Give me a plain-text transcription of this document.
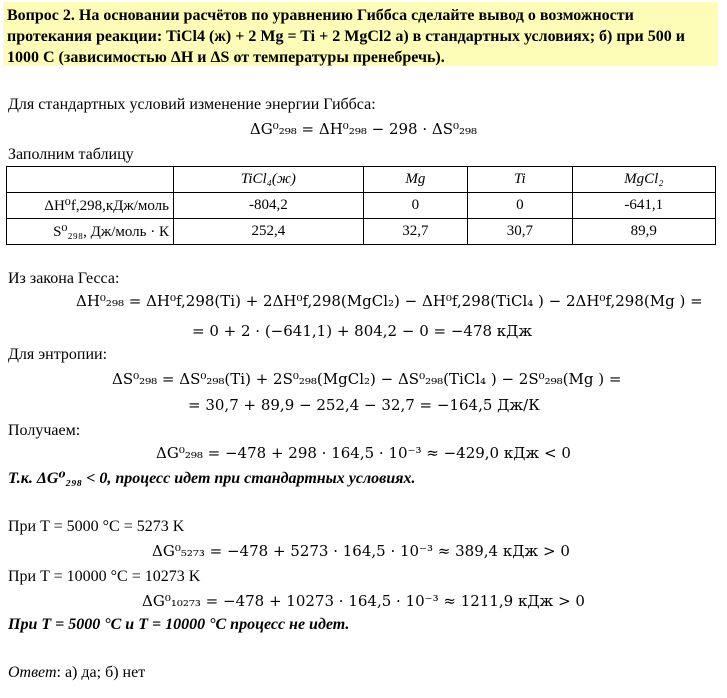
Вопрос 2. На основании расчётов по уравнению Гиббса сделайте вывод о возможности
протекания реакции: TiCl4 (ж) + 2 Mg = Ti + 2 MgCl2 а) в стандартных условиях; б) при 500 и
1000 С (зависимостью ΔH и ΔS от температуры пренебречь).
Для стандартных условий изменение энергии Гиббса:
ΔG⁰₂₉₈ = ΔH⁰₂₉₈ − 298 · ΔS⁰₂₉₈
Заполним таблицу
	TiCl₄(ж)	Mg	Ti	MgCl₂
ΔH⁰f,298,кДж/моль	-804,2	0	0	-641,1
S⁰₂₉₈, Дж/моль · К	252,4	32,7	30,7	89,9
Из закона Гесса:
ΔH⁰₂₉₈ = ΔH⁰f,298(Ti) + 2ΔH⁰f,298(MgCl₂) − ΔH⁰f,298(TiCl₄ ) − 2ΔH⁰f,298(Mg ) =
= 0 + 2 · (−641,1) + 804,2 − 0 = −478 кДж
Для энтропии:
ΔS⁰₂₉₈ = ΔS⁰₂₉₈(Ti) + 2S⁰₂₉₈(MgCl₂) − ΔS⁰₂₉₈(TiCl₄ ) − 2S⁰₂₉₈(Mg ) =
= 30,7 + 89,9 − 252,4 − 32,7 = −164,5 Дж/К
Получаем:
ΔG⁰₂₉₈ = −478 + 298 · 164,5 · 10⁻³ ≈ −429,0 кДж < 0
Т.к. ΔG⁰₂₉₈ < 0, процесс идет при стандартных условиях.
При T = 5000 °C = 5273 K
ΔG⁰₅₂₇₃ = −478 + 5273 · 164,5 · 10⁻³ ≈ 389,4 кДж > 0
При T = 10000 °C = 10273 K
ΔG⁰₁₀₂₇₃ = −478 + 10273 · 164,5 · 10⁻³ ≈ 1211,9 кДж > 0
При T = 5000 °C и T = 10000 °C процесс не идет.
Ответ: а) да; б) нет
